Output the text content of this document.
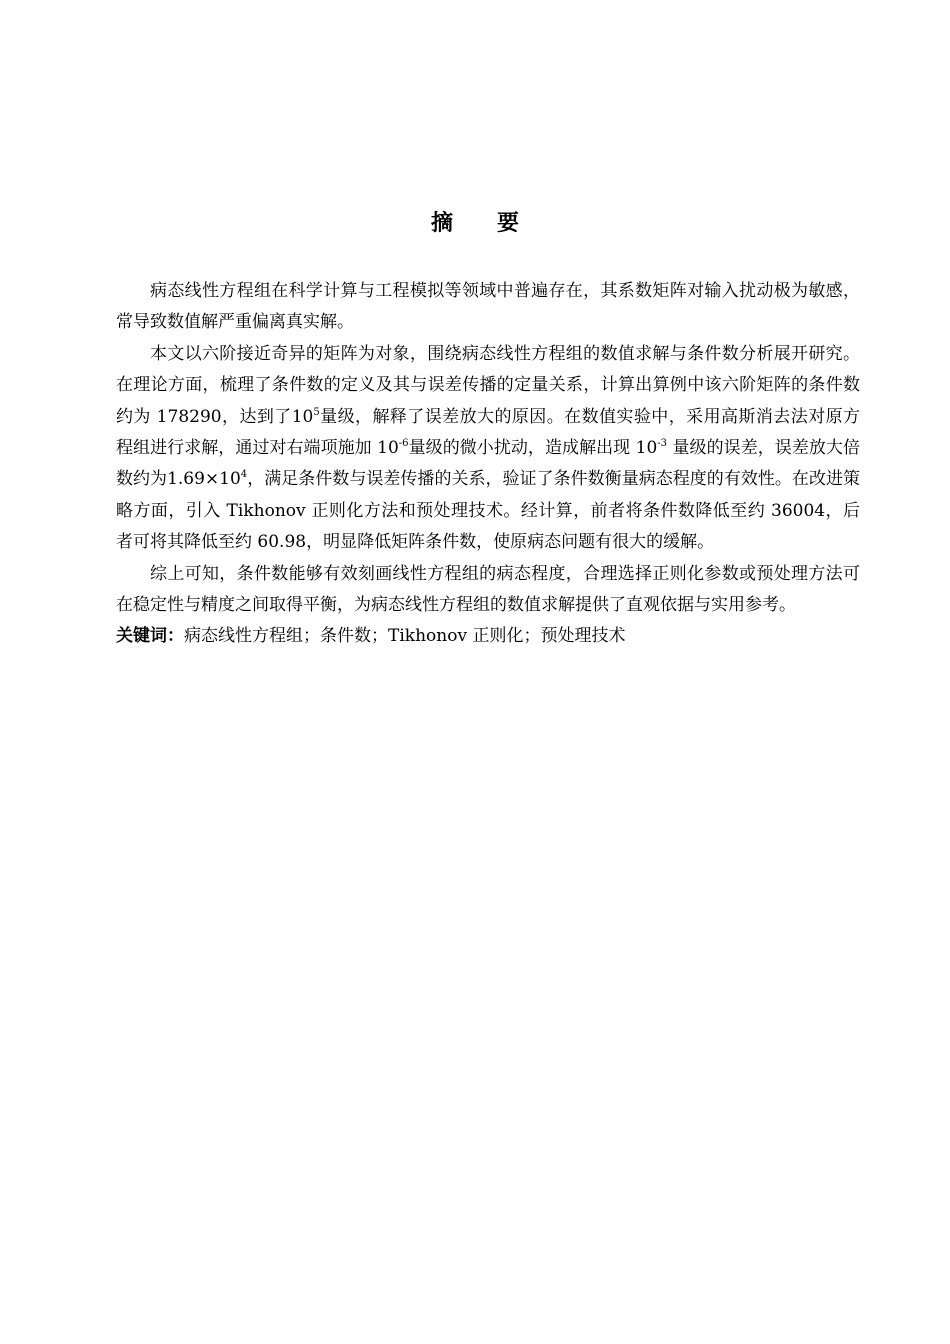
摘 要

病态线性方程组在科学计算与工程模拟等领域中普遍存在，其系数矩阵对输入扰动极为敏感，常导致数值解严重偏离真实解。

本文以六阶接近奇异的矩阵为对象，围绕病态线性方程组的数值求解与条件数分析展开研究。在理论方面，梳理了条件数的定义及其与误差传播的定量关系，计算出算例中该六阶矩阵的条件数约为 178290，达到了$10^5$量级，解释了误差放大的原因。在数值实验中，采用高斯消去法对原方程组进行求解，通过对右端项施加 $10^{-6}$量级的微小扰动，造成解出现 $10^{-3}$ 量级的误差，误差放大倍数约为$1.69\times 10^4$，满足条件数与误差传播的关系，验证了条件数衡量病态程度的有效性。在改进策略方面，引入 Tikhonov 正则化方法和预处理技术。经计算，前者将条件数降低至约 36004，后者可将其降低至约 60.98，明显降低矩阵条件数，使原病态问题有很大的缓解。

综上可知，条件数能够有效刻画线性方程组的病态程度，合理选择正则化参数或预处理方法可在稳定性与精度之间取得平衡，为病态线性方程组的数值求解提供了直观依据与实用参考。

关键词：病态线性方程组；条件数；Tikhonov 正则化；预处理技术
